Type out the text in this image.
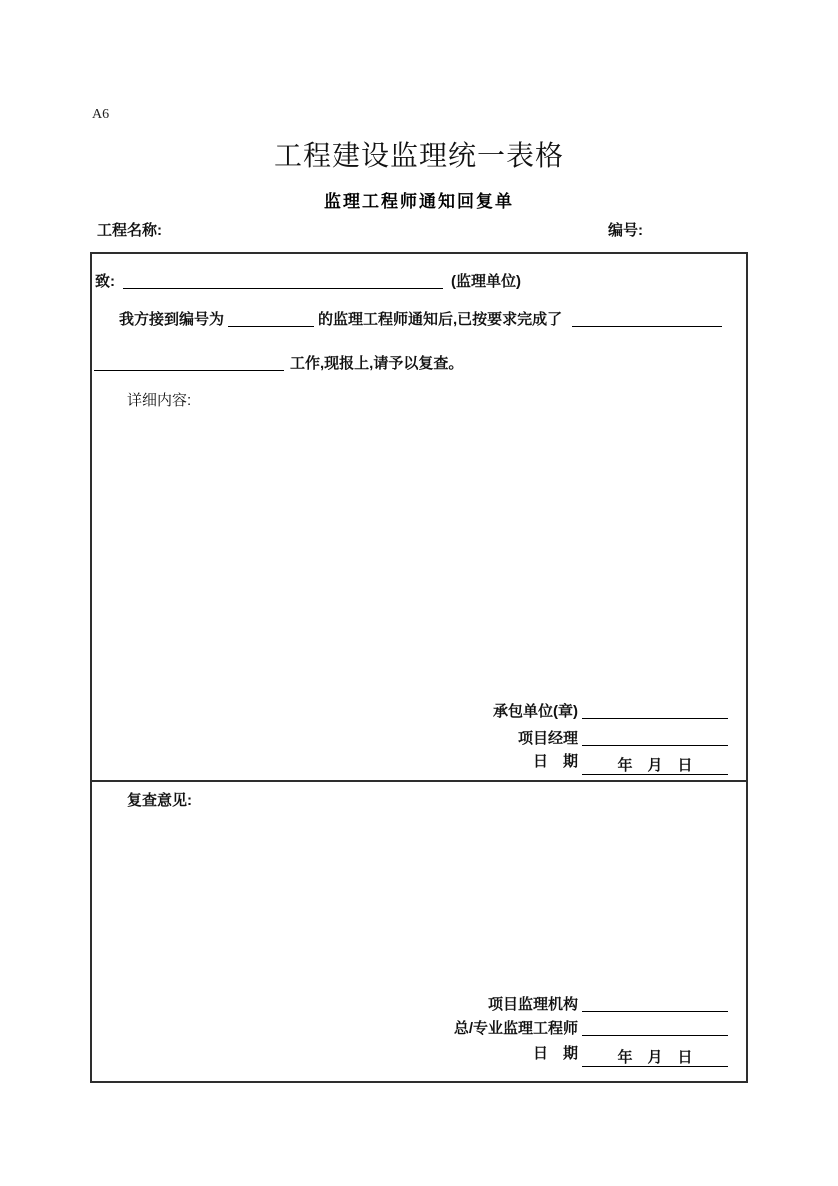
A6
工程建设监理统一表格
监理工程师通知回复单
工程名称:	编号:
致:	(监理单位)
我方接到编号为	的监理工程师通知后,已按要求完成了
工作,现报上,请予以复查。
详细内容:
承包单位(章)
项目经理
日　期	年　月　日
复查意见:
项目监理机构
总/专业监理工程师
日　期	年　月　日
